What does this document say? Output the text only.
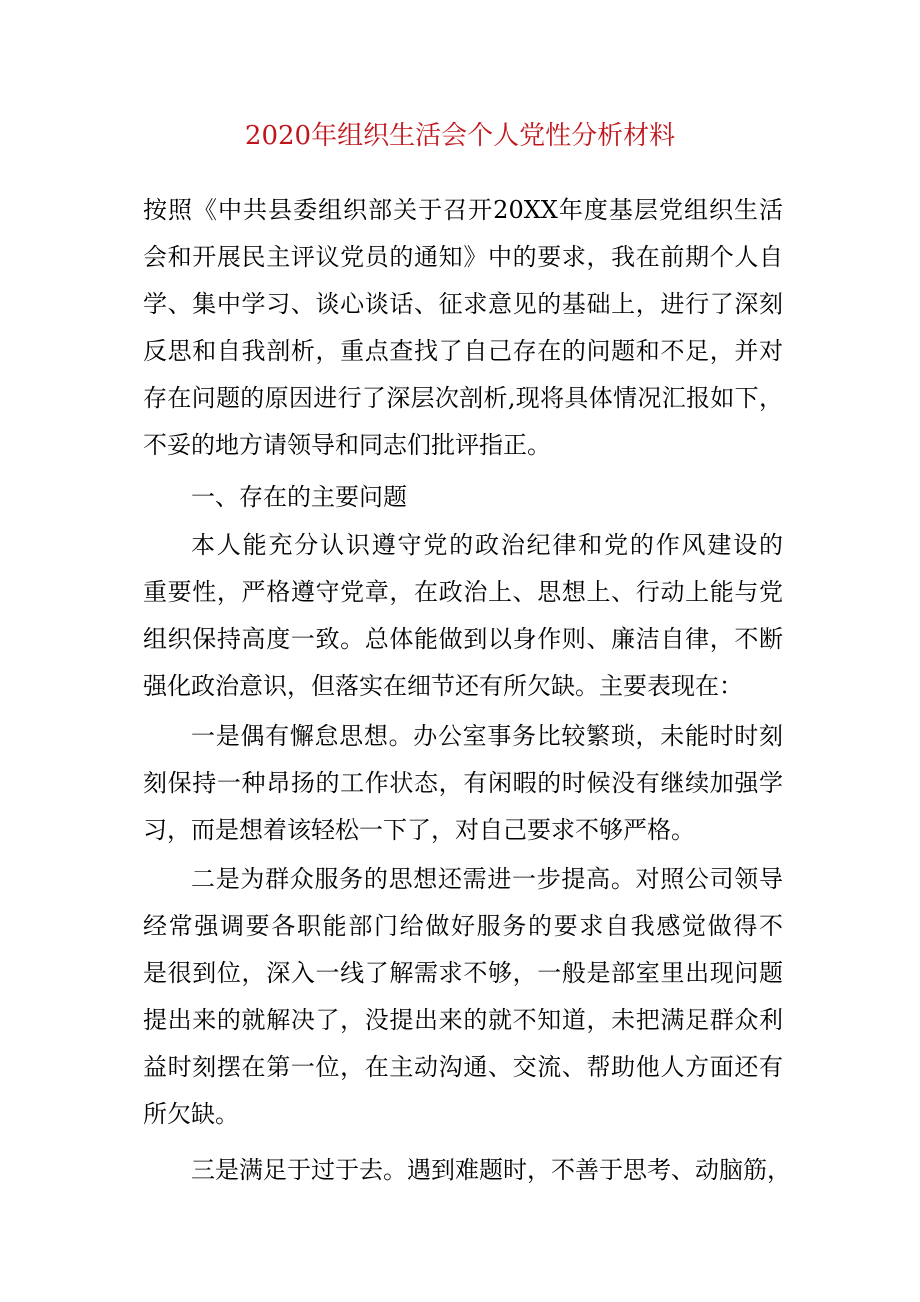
2020年组织生活会个人党性分析材料
按照《中共县委组织部关于召开20XX年度基层党组织生活
会和开展民主评议党员的通知》中的要求，我在前期个人自
学、集中学习、谈心谈话、征求意见的基础上，进行了深刻
反思和自我剖析，重点查找了自己存在的问题和不足，并对
存在问题的原因进行了深层次剖析,现将具体情况汇报如下，
不妥的地方请领导和同志们批评指正。
一、存在的主要问题
本人能充分认识遵守党的政治纪律和党的作风建设的
重要性，严格遵守党章，在政治上、思想上、行动上能与党
组织保持高度一致。总体能做到以身作则、廉洁自律，不断
强化政治意识，但落实在细节还有所欠缺。主要表现在：
一是偶有懈怠思想。办公室事务比较繁琐，未能时时刻
刻保持一种昂扬的工作状态，有闲暇的时候没有继续加强学
习，而是想着该轻松一下了，对自己要求不够严格。
二是为群众服务的思想还需进一步提高。对照公司领导
经常强调要各职能部门给做好服务的要求自我感觉做得不
是很到位，深入一线了解需求不够，一般是部室里出现问题
提出来的就解决了，没提出来的就不知道，未把满足群众利
益时刻摆在第一位，在主动沟通、交流、帮助他人方面还有
所欠缺。
三是满足于过于去。遇到难题时，不善于思考、动脑筋，
